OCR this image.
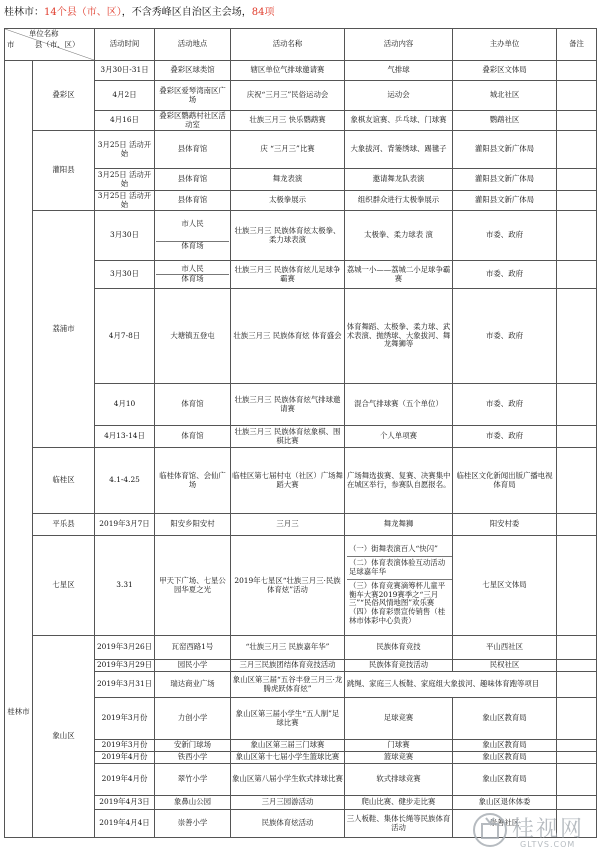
桂林市：14个县（市、区），不含秀峰区自治区主会场，84项
单位名称
市 县（市、区）		活动时间	活动地点	活动名称	活动内容	主办单位	备注
桂林市	叠彩区	3月30日-31日	叠彩区球类馆	辖区单位气排球邀请赛	气排球	叠彩区文体局	
		4月2日	叠彩区爱琴湾南区广场	庆祝“三月三”民俗运动会	运动会	城北社区	
		4月16日	叠彩区鹦鹉村社区活动室	壮族三月三 快乐鹦鹉赛	象棋友谊赛、乒乓球、门球赛	鹦鹉社区	
	灌阳县	3月25日 活动开始	县体育馆	庆 “三月三”比赛	大象拔河、背篓绣球、踢毽子	灌阳县文新广体局	
		3月25日 活动开始	县体育馆	舞龙表演	邀请舞龙队表演	灌阳县文新广体局	
		3月25日 活动开始	县体育馆	太极拳展示	组织群众进行太极拳展示	灌阳县文新广体局	
	荔浦市	3月30日	市人民
体育场	壮族三月三 民族体育炫太极拳、柔力球表演	太极拳、柔力球表 演	市委、政府	
		3月30日	市人民
体育场	壮族三月三 民族体育炫儿足球争霸赛	荔城一小——荔城二小足球争霸赛	市委、政府	
		4月7-8日	大塘镇五登屯	壮族三月三 民族体育炫 体育盛会	体育舞蹈、太极拳、柔力球、武术表演、抛绣球、大象拔河、舞龙舞狮等	市委、政府	
		4月10	体育馆	壮族三月三 民族体育炫气排球邀请赛	混合气排球赛（五个单位）	市委、政府	
		4月13-14日	体育馆	壮族三月三 民族体育炫象棋、围棋比赛	个人单项赛	市委、政府	
	临桂区	4.1-4.25	临桂体育馆、会仙广场	临桂区第七届村屯（社区）广场舞蹈大赛	广场舞选拔赛、复赛、决赛集中在城区举行，参赛队自愿报名。	临桂区文化新闻出版广播电视体育局	
	平乐县	2019年3月7日	阳安乡阳安村	三月三	舞龙舞狮	阳安村委	
	七星区	3.31	甲天下广场、七星公园华夏之光	2019年七星区“壮族三月三·民族体育炫”活动	（一）街舞表演百人“快闪”
（二）体育表演体验互动活动足球嘉年华
（三）体育竞赛滴筹杯儿童平衡车大赛2019赛季之“三月三”“民俗风情地图”欢乐赛（四）体育彩票宣传销售（桂林市体彩中心负责）	七星区文体局	
	象山区	2019年3月26日	瓦窑西路1号	“壮族三月三 民族嘉年华”	民族体育竞技	平山西社区	
		2019年3月29日	园民小学	三月三民族团结体育竞技活动	民族体育竞技活动	民权社区	
		2019年3月31日	瑞达商业广场	象山区第三届“五谷丰登三月三·龙腾虎跃体育炫”	跳绳、家庭三人板鞋、家庭组大象拔河、趣味体育跑等项目		
		2019年3月份	力创小学	象山区第三届小学生“五人制”足球比赛	足球竞赛	象山区教育局	
		2019年3月份	安新门球场	象山区第三届三门球赛	门球赛	象山区教育局	
		2019年4月份	铁西小学	象山区第十七届小学生篮球比赛	篮球竞赛	象山区教育局	
		2019年4月份	翠竹小学	象山区第八届小学生软式排球比赛	软式排球竞赛	象山区教育局	
		2019年4月3日	象鼻山公园	三月三园游活动	爬山比赛、健步走比赛	象山区退休体委	
		2019年4月4日	崇善小学	民族体育炫活动	三人板鞋、集体长绳等民族体育活动	崇善社区	
桂视网
GLTVS.COM
